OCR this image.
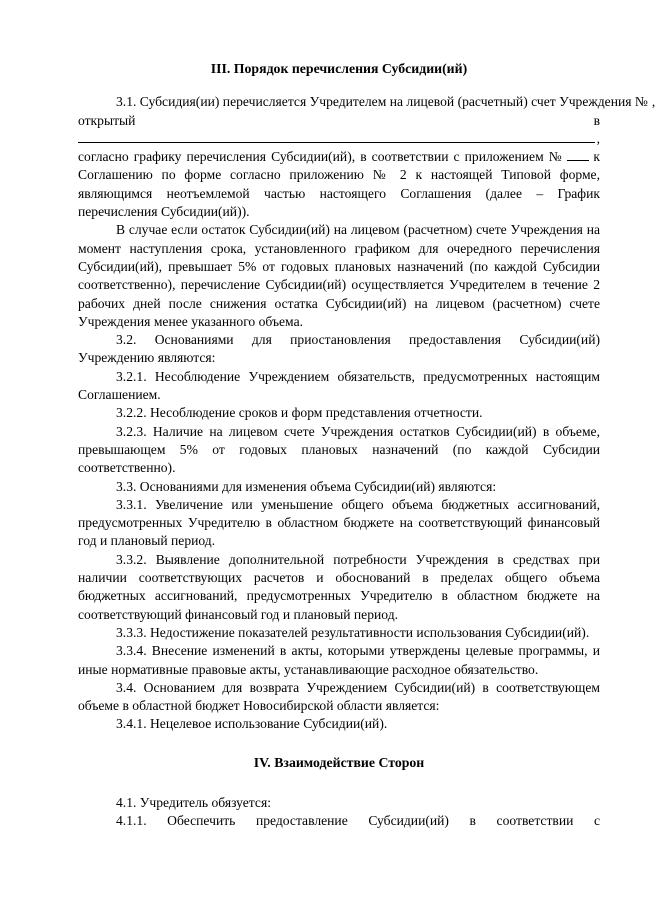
III. Порядок перечисления Субсидии(ий)

3.1. Субсидия(ии) перечисляется Учредителем на лицевой (расчетный) счет Учреждения № ,
открытый	в
,

согласно графику перечисления Субсидии(ий), в соответствии с приложением № к Соглашению по форме согласно приложению № 2 к настоящей Типовой форме, являющимся неотъемлемой частью настоящего Соглашения (далее – График перечисления Субсидии(ий)).

В случае если остаток Субсидии(ий) на лицевом (расчетном) счете Учреждения на момент наступления срока, установленного графиком для очередного перечисления Субсидии(ий), превышает 5% от годовых плановых назначений (по каждой Субсидии соответственно), перечисление Субсидии(ий) осуществляется Учредителем в течение 2 рабочих дней после снижения остатка Субсидии(ий) на лицевом (расчетном) счете Учреждения менее указанного объема.

3.2. Основаниями для приостановления предоставления Субсидии(ий) Учреждению являются:

3.2.1. Несоблюдение Учреждением обязательств, предусмотренных настоящим Соглашением.

3.2.2. Несоблюдение сроков и форм представления отчетности.

3.2.3. Наличие на лицевом счете Учреждения остатков Субсидии(ий) в объеме, превышающем 5% от годовых плановых назначений (по каждой Субсидии соответственно).

3.3. Основаниями для изменения объема Субсидии(ий) являются:

3.3.1. Увеличение или уменьшение общего объема бюджетных ассигнований, предусмотренных Учредителю в областном бюджете на соответствующий финансовый год и плановый период.

3.3.2. Выявление дополнительной потребности Учреждения в средствах при наличии соответствующих расчетов и обоснований в пределах общего объема бюджетных ассигнований, предусмотренных Учредителю в областном бюджете на соответствующий финансовый год и плановый период.

3.3.3. Недостижение показателей результативности использования Субсидии(ий).

3.3.4. Внесение изменений в акты, которыми утверждены целевые программы, и иные нормативные правовые акты, устанавливающие расходное обязательство.

3.4. Основанием для возврата Учреждением Субсидии(ий) в соответствующем объеме в областной бюджет Новосибирской области является:

3.4.1. Нецелевое использование Субсидии(ий).

IV. Взаимодействие Сторон

4.1. Учредитель обязуется:

4.1.1. Обеспечить предоставление Субсидии(ий) в соответствии с
